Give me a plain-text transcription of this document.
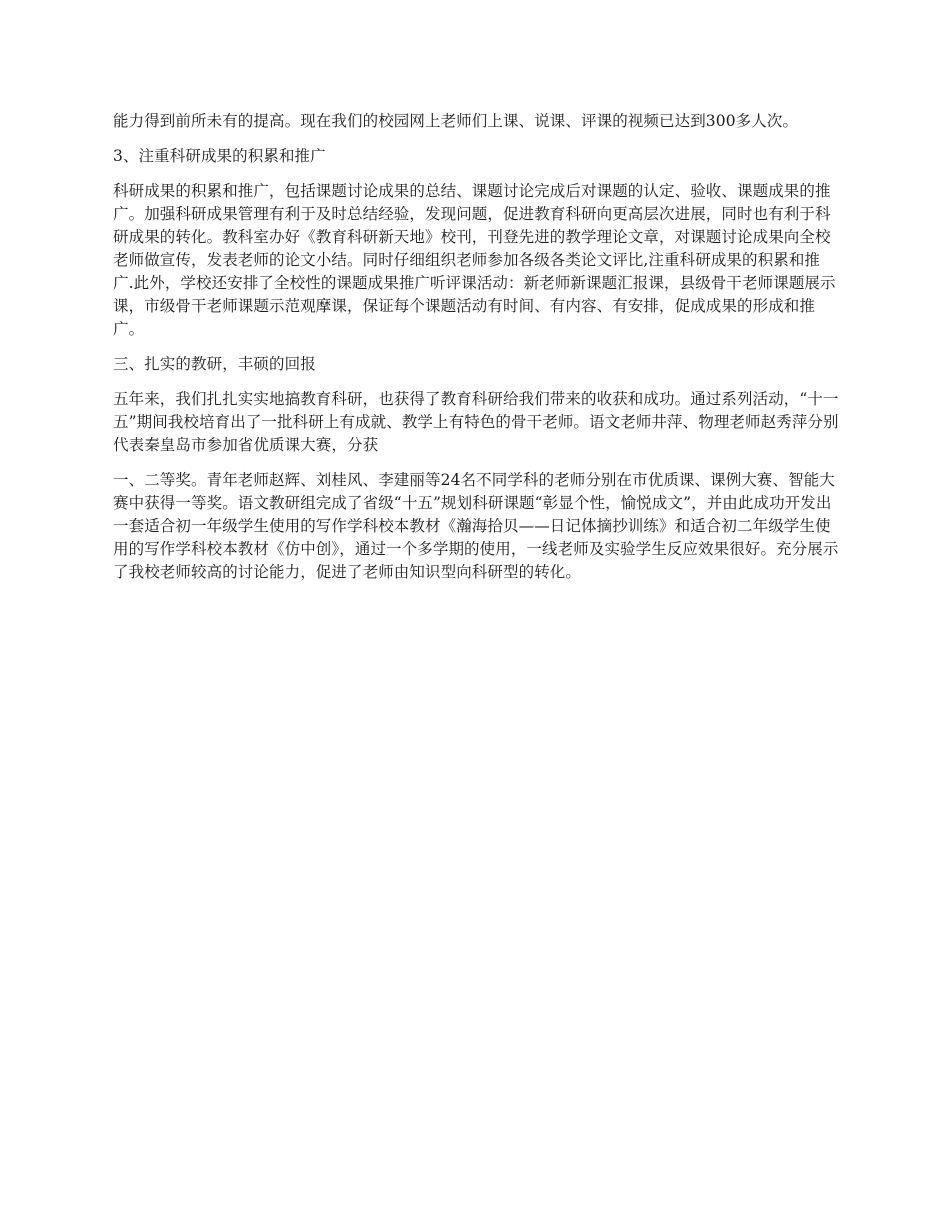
能力得到前所未有的提高。现在我们的校园网上老师们上课、说课、评课的视频已达到300多人次。

3、注重科研成果的积累和推广

科研成果的积累和推广，包括课题讨论成果的总结、课题讨论完成后对课题的认定、验收、课题成果的推广。加强科研成果管理有利于及时总结经验，发现问题，促进教育科研向更高层次进展，同时也有利于科研成果的转化。教科室办好《教育科研新天地》校刊，刊登先进的教学理论文章，对课题讨论成果向全校老师做宣传，发表老师的论文小结。同时仔细组织老师参加各级各类论文评比,注重科研成果的积累和推广.此外，学校还安排了全校性的课题成果推广听评课活动：新老师新课题汇报课，县级骨干老师课题展示课，市级骨干老师课题示范观摩课，保证每个课题活动有时间、有内容、有安排，促成成果的形成和推广。

三、扎实的教研，丰硕的回报

五年来，我们扎扎实实地搞教育科研，也获得了教育科研给我们带来的收获和成功。通过系列活动，“十一五”期间我校培育出了一批科研上有成就、教学上有特色的骨干老师。语文老师井萍、物理老师赵秀萍分别代表秦皇岛市参加省优质课大赛，分获

一、二等奖。青年老师赵辉、刘桂风、李建丽等24名不同学科的老师分别在市优质课、课例大赛、智能大赛中获得一等奖。语文教研组完成了省级“十五”规划科研课题“彰显个性，愉悦成文”，并由此成功开发出一套适合初一年级学生使用的写作学科校本教材《瀚海拾贝——日记体摘抄训练》和适合初二年级学生使用的写作学科校本教材《仿中创》，通过一个多学期的使用，一线老师及实验学生反应效果很好。充分展示了我校老师较高的讨论能力，促进了老师由知识型向科研型的转化。
